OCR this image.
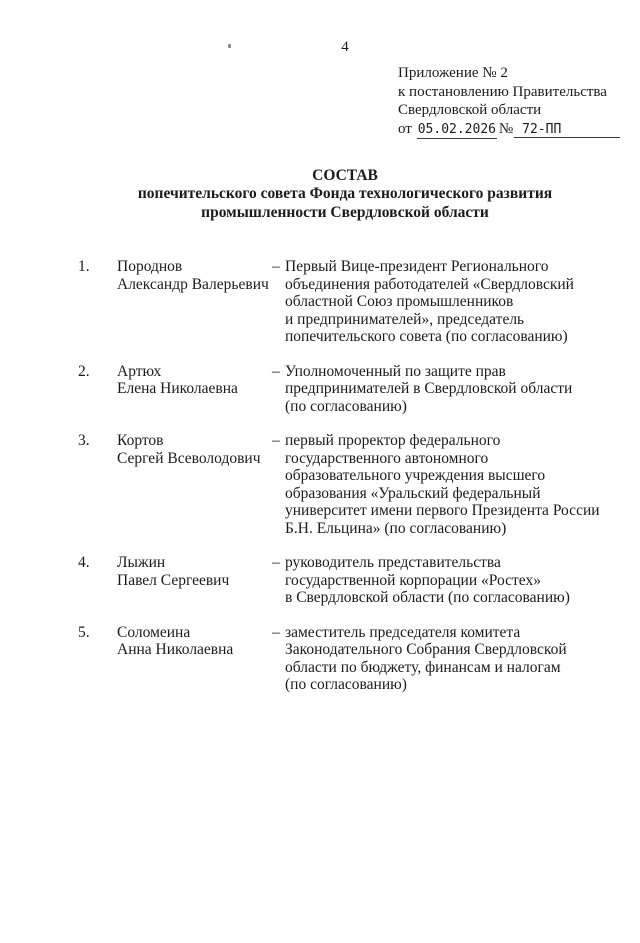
4
Приложение № 2
к постановлению Правительства
Свердловской области
от 05.02.2026 № 72-ПП
СОСТАВ
попечительского совета Фонда технологического развития
промышленности Свердловской области
1.	Породнов
Александр Валерьевич
– Первый Вице-президент Регионального
объединения работодателей «Свердловский
областной Союз промышленников
и предпринимателей», председатель
попечительского совета (по согласованию)
2.	Артюх
Елена Николаевна
– Уполномоченный по защите прав
предпринимателей в Свердловской области
(по согласованию)
3.	Кортов
Сергей Всеволодович
– первый проректор федерального
государственного автономного
образовательного учреждения высшего
образования «Уральский федеральный
университет имени первого Президента России
Б.Н. Ельцина» (по согласованию)
4.	Лыжин
Павел Сергеевич
– руководитель представительства
государственной корпорации «Ростех»
в Свердловской области (по согласованию)
5.	Соломеина
Анна Николаевна
– заместитель председателя комитета
Законодательного Собрания Свердловской
области по бюджету, финансам и налогам
(по согласованию)
